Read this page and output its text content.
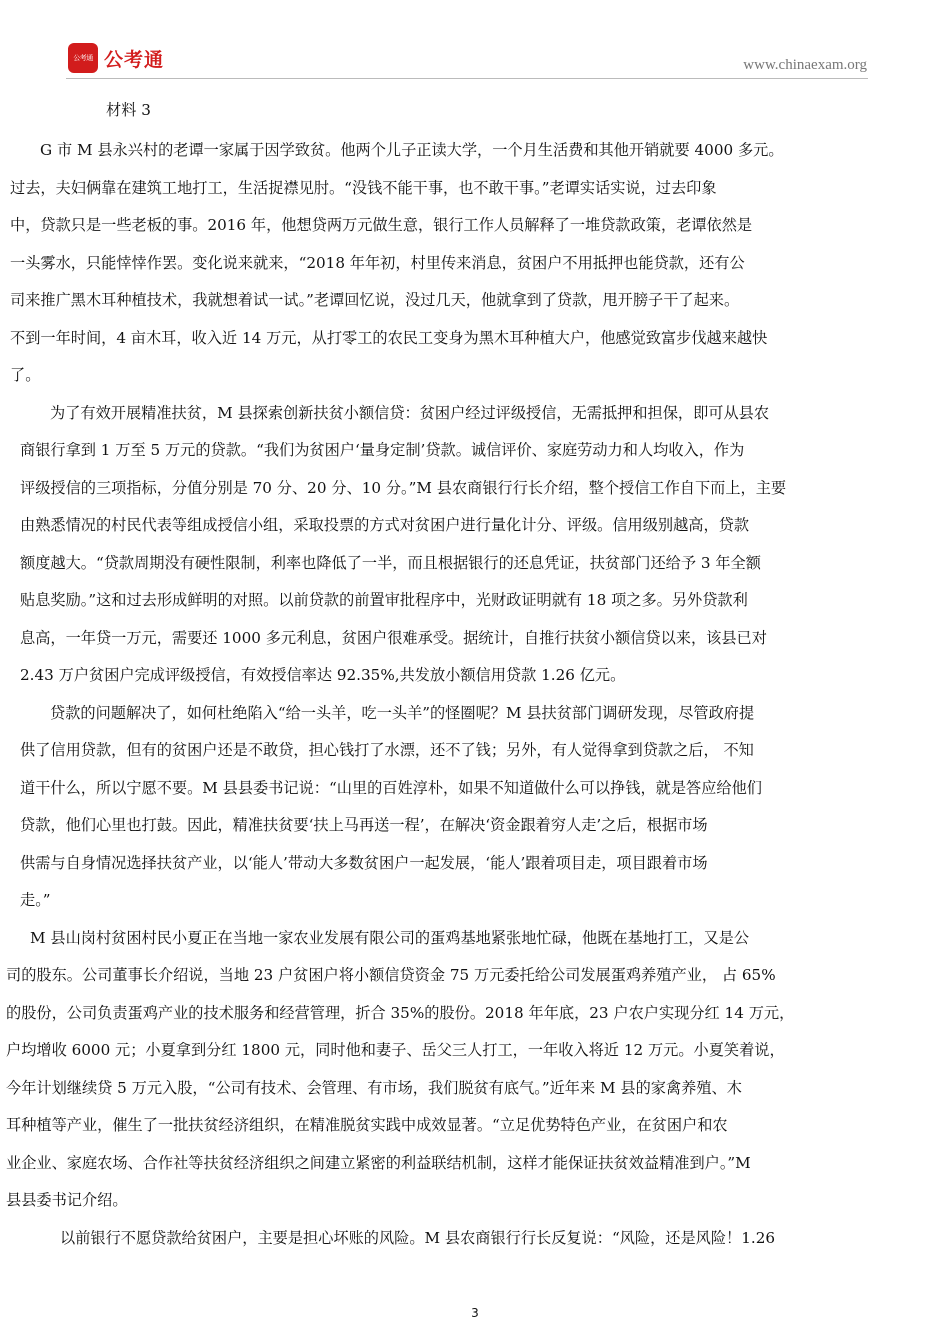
公考通 公考通	www.chinaexam.org
材料 3
G 市 M 县永兴村的老谭一家属于因学致贫。他两个儿子正读大学，一个月生活费和其他开销就要 4000 多元。
过去，夫妇俩靠在建筑工地打工，生活捉襟见肘。“没钱不能干事，也不敢干事。”老谭实话实说，过去印象
中，贷款只是一些老板的事。2016 年，他想贷两万元做生意，银行工作人员解释了一堆贷款政策，老谭依然是
一头雾水，只能悻悻作罢。变化说来就来，“2018 年年初，村里传来消息，贫困户不用抵押也能贷款，还有公
司来推广黑木耳种植技术，我就想着试一试。”老谭回忆说，没过几天，他就拿到了贷款，甩开膀子干了起来。
不到一年时间，4 亩木耳，收入近 14 万元，从打零工的农民工变身为黑木耳种植大户，他感觉致富步伐越来越快
了。
为了有效开展精准扶贫，M 县探索创新扶贫小额信贷：贫困户经过评级授信，无需抵押和担保，即可从县农
商银行拿到 1 万至 5 万元的贷款。“我们为贫困户‘量身定制’贷款。诚信评价、家庭劳动力和人均收入，作为
评级授信的三项指标，分值分别是 70 分、20 分、10 分。”M 县农商银行行长介绍，整个授信工作自下而上，主要
由熟悉情况的村民代表等组成授信小组，采取投票的方式对贫困户进行量化计分、评级。信用级别越高，贷款
额度越大。“贷款周期没有硬性限制，利率也降低了一半，而且根据银行的还息凭证，扶贫部门还给予 3 年全额
贴息奖励。”这和过去形成鲜明的对照。以前贷款的前置审批程序中，光财政证明就有 18 项之多。另外贷款利
息高，一年贷一万元，需要还 1000 多元利息，贫困户很难承受。据统计，自推行扶贫小额信贷以来，该县已对
2.43 万户贫困户完成评级授信，有效授信率达 92.35%,共发放小额信用贷款 1.26 亿元。
贷款的问题解决了，如何杜绝陷入“给一头羊，吃一头羊”的怪圈呢？M 县扶贫部门调研发现，尽管政府提
供了信用贷款，但有的贫困户还是不敢贷，担心钱打了水漂，还不了钱；另外，有人觉得拿到贷款之后， 不知
道干什么，所以宁愿不要。M 县县委书记说：“山里的百姓淳朴，如果不知道做什么可以挣钱，就是答应给他们
贷款，他们心里也打鼓。因此，精准扶贫要‘扶上马再送一程’，在解决‘资金跟着穷人走’之后，根据市场
供需与自身情况选择扶贫产业，以‘能人’带动大多数贫困户一起发展，‘能人’跟着项目走，项目跟着市场
走。”
M 县山岗村贫困村民小夏正在当地一家农业发展有限公司的蛋鸡基地紧张地忙碌，他既在基地打工，又是公
司的股东。公司董事长介绍说，当地 23 户贫困户将小额信贷资金 75 万元委托给公司发展蛋鸡养殖产业， 占 65%
的股份，公司负责蛋鸡产业的技术服务和经营管理，折合 35%的股份。2018 年年底，23 户农户实现分红 14 万元，
户均增收 6000 元；小夏拿到分红 1800 元，同时他和妻子、岳父三人打工，一年收入将近 12 万元。小夏笑着说，
今年计划继续贷 5 万元入股，“公司有技术、会管理、有市场，我们脱贫有底气。”近年来 M 县的家禽养殖、木
耳种植等产业，催生了一批扶贫经济组织，在精准脱贫实践中成效显著。“立足优势特色产业，在贫困户和农
业企业、家庭农场、合作社等扶贫经济组织之间建立紧密的利益联结机制，这样才能保证扶贫效益精准到户。”M
县县委书记介绍。
以前银行不愿贷款给贫困户，主要是担心坏账的风险。M 县农商银行行长反复说：“风险，还是风险！1.26
3
